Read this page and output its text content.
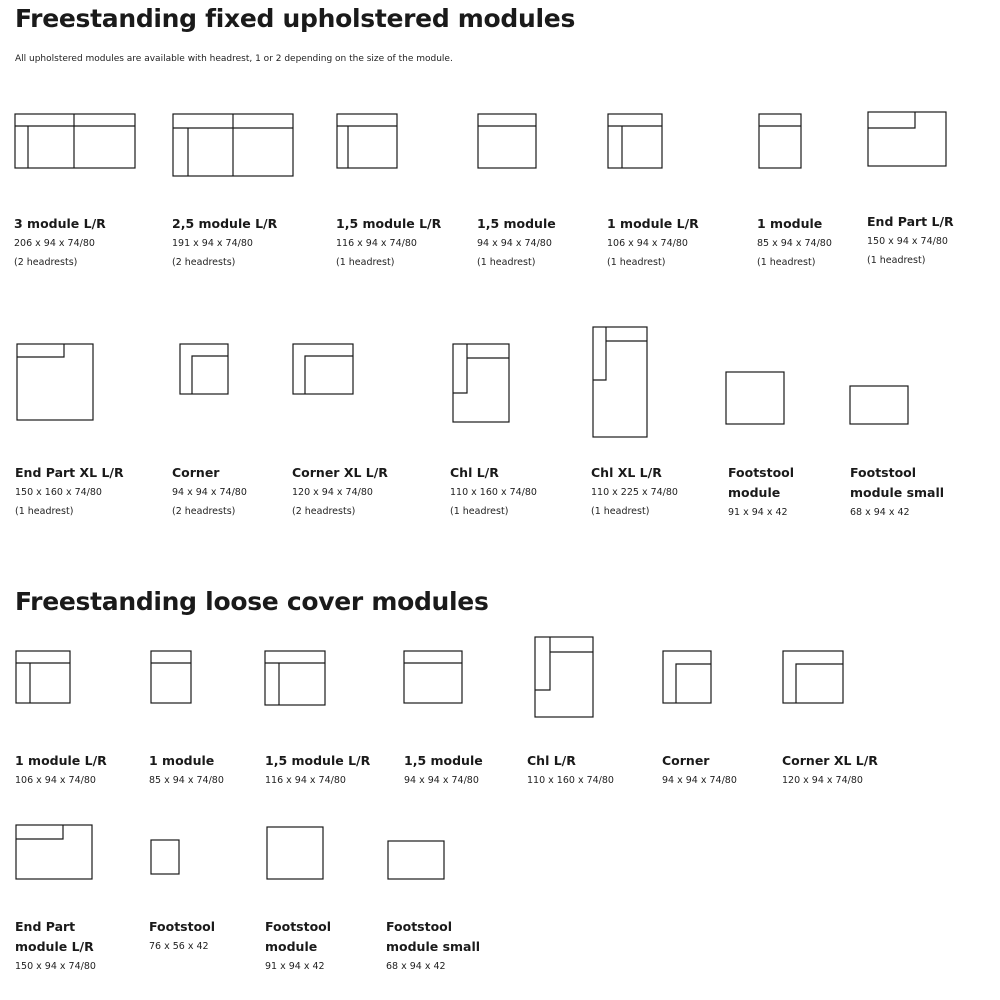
Freestanding fixed upholstered modules
All upholstered modules are available with headrest, 1 or 2 depending on the size of the module.
3 module L/R
206 x 94 x 74/80
(2 headrests)
2,5 module L/R
191 x 94 x 74/80
(2 headrests)
1,5 module L/R
116 x 94 x 74/80
(1 headrest)
1,5 module
94 x 94 x 74/80
(1 headrest)
1 module L/R
106 x 94 x 74/80
(1 headrest)
1 module
85 x 94 x 74/80
(1 headrest)
End Part L/R
150 x 94 x 74/80
(1 headrest)
End Part XL L/R
150 x 160 x 74/80
(1 headrest)
Corner
94 x 94 x 74/80
(2 headrests)
Corner XL L/R
120 x 94 x 74/80
(2 headrests)
Chl L/R
110 x 160 x 74/80
(1 headrest)
Chl XL L/R
110 x 225 x 74/80
(1 headrest)
Footstool module
91 x 94 x 42
Footstool module small
68 x 94 x 42
Freestanding loose cover modules
1 module L/R
106 x 94 x 74/80
1 module
85 x 94 x 74/80
1,5 module L/R
116 x 94 x 74/80
1,5 module
94 x 94 x 74/80
Chl L/R
110 x 160 x 74/80
Corner
94 x 94 x 74/80
Corner XL L/R
120 x 94 x 74/80
End Part module L/R
150 x 94 x 74/80
Footstool
76 x 56 x 42
Footstool module
91 x 94 x 42
Footstool module small
68 x 94 x 42
